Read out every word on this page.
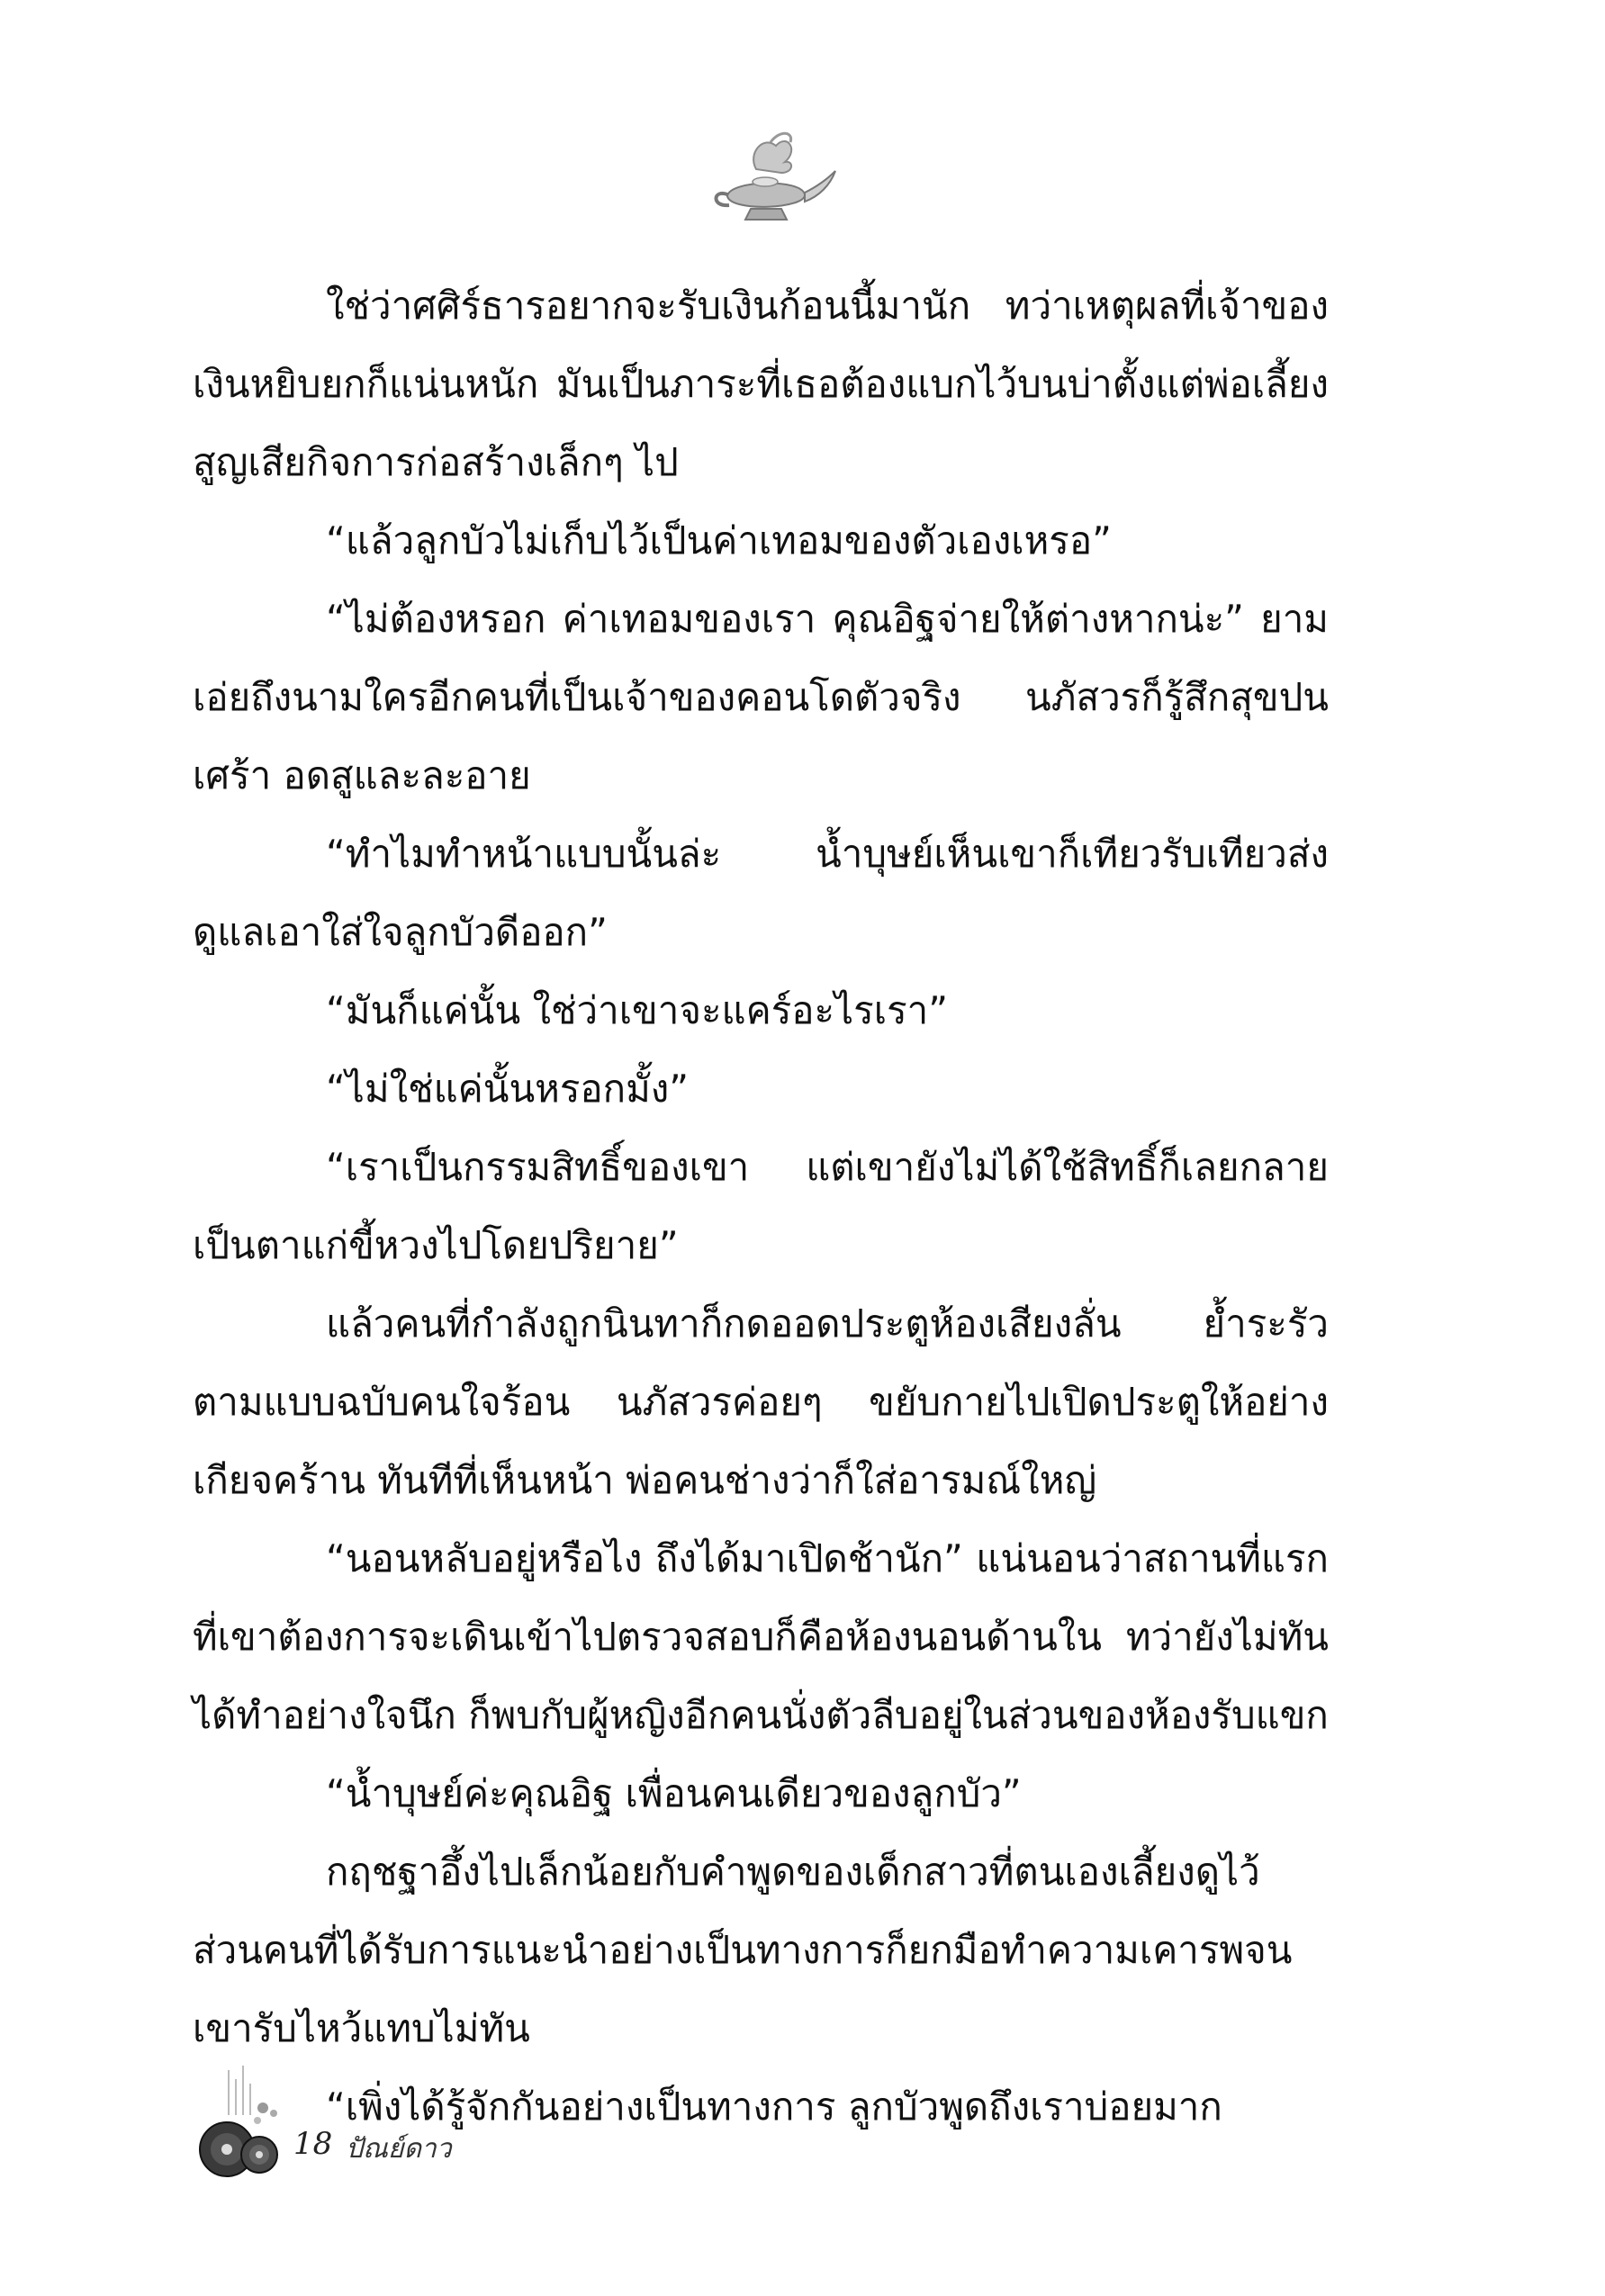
ใช่ว่าศศิร์ธารอยากจะรับเงินก้อนนี้มานัก ทว่าเหตุผลที่เจ้าของเงินหยิบยกก็แน่นหนัก มันเป็นภาระที่เธอต้องแบกไว้บนบ่าตั้งแต่พ่อเลี้ยงสูญเสียกิจการก่อสร้างเล็กๆ ไป

“แล้วลูกบัวไม่เก็บไว้เป็นค่าเทอมของตัวเองเหรอ”

“ไม่ต้องหรอก ค่าเทอมของเรา คุณอิฐจ่ายให้ต่างหากน่ะ” ยามเอ่ยถึงนามใครอีกคนที่เป็นเจ้าของคอนโดตัวจริง นภัสวรก็รู้สึกสุขปนเศร้า อดสูและละอาย

“ทำไมทำหน้าแบบนั้นล่ะ น้ำบุษย์เห็นเขาก็เทียวรับเทียวส่ง ดูแลเอาใส่ใจลูกบัวดีออก”

“มันก็แค่นั้น ใช่ว่าเขาจะแคร์อะไรเรา”

“ไม่ใช่แค่นั้นหรอกมั้ง”

“เราเป็นกรรมสิทธิ์ของเขา แต่เขายังไม่ได้ใช้สิทธิ์ก็เลยกลายเป็นตาแก่ขี้หวงไปโดยปริยาย”

แล้วคนที่กำลังถูกนินทาก็กดออดประตูห้องเสียงลั่น ย้ำระรัวตามแบบฉบับคนใจร้อน นภัสวรค่อยๆ ขยับกายไปเปิดประตูให้อย่างเกียจคร้าน ทันทีที่เห็นหน้า พ่อคนช่างว่าก็ใส่อารมณ์ใหญ่

“นอนหลับอยู่หรือไง ถึงได้มาเปิดช้านัก” แน่นอนว่าสถานที่แรกที่เขาต้องการจะเดินเข้าไปตรวจสอบก็คือห้องนอนด้านใน ทว่ายังไม่ทันได้ทำอย่างใจนึก ก็พบกับผู้หญิงอีกคนนั่งตัวลีบอยู่ในส่วนของห้องรับแขก

“น้ำบุษย์ค่ะคุณอิฐ เพื่อนคนเดียวของลูกบัว”

กฤชฐาอึ้งไปเล็กน้อยกับคำพูดของเด็กสาวที่ตนเองเลี้ยงดูไว้ส่วนคนที่ได้รับการแนะนำอย่างเป็นทางการก็ยกมือทำความเคารพจนเขารับไหว้แทบไม่ทัน

“เพิ่งได้รู้จักกันอย่างเป็นทางการ ลูกบัวพูดถึงเราบ่อยมาก

18 ปัณย์ดาว
